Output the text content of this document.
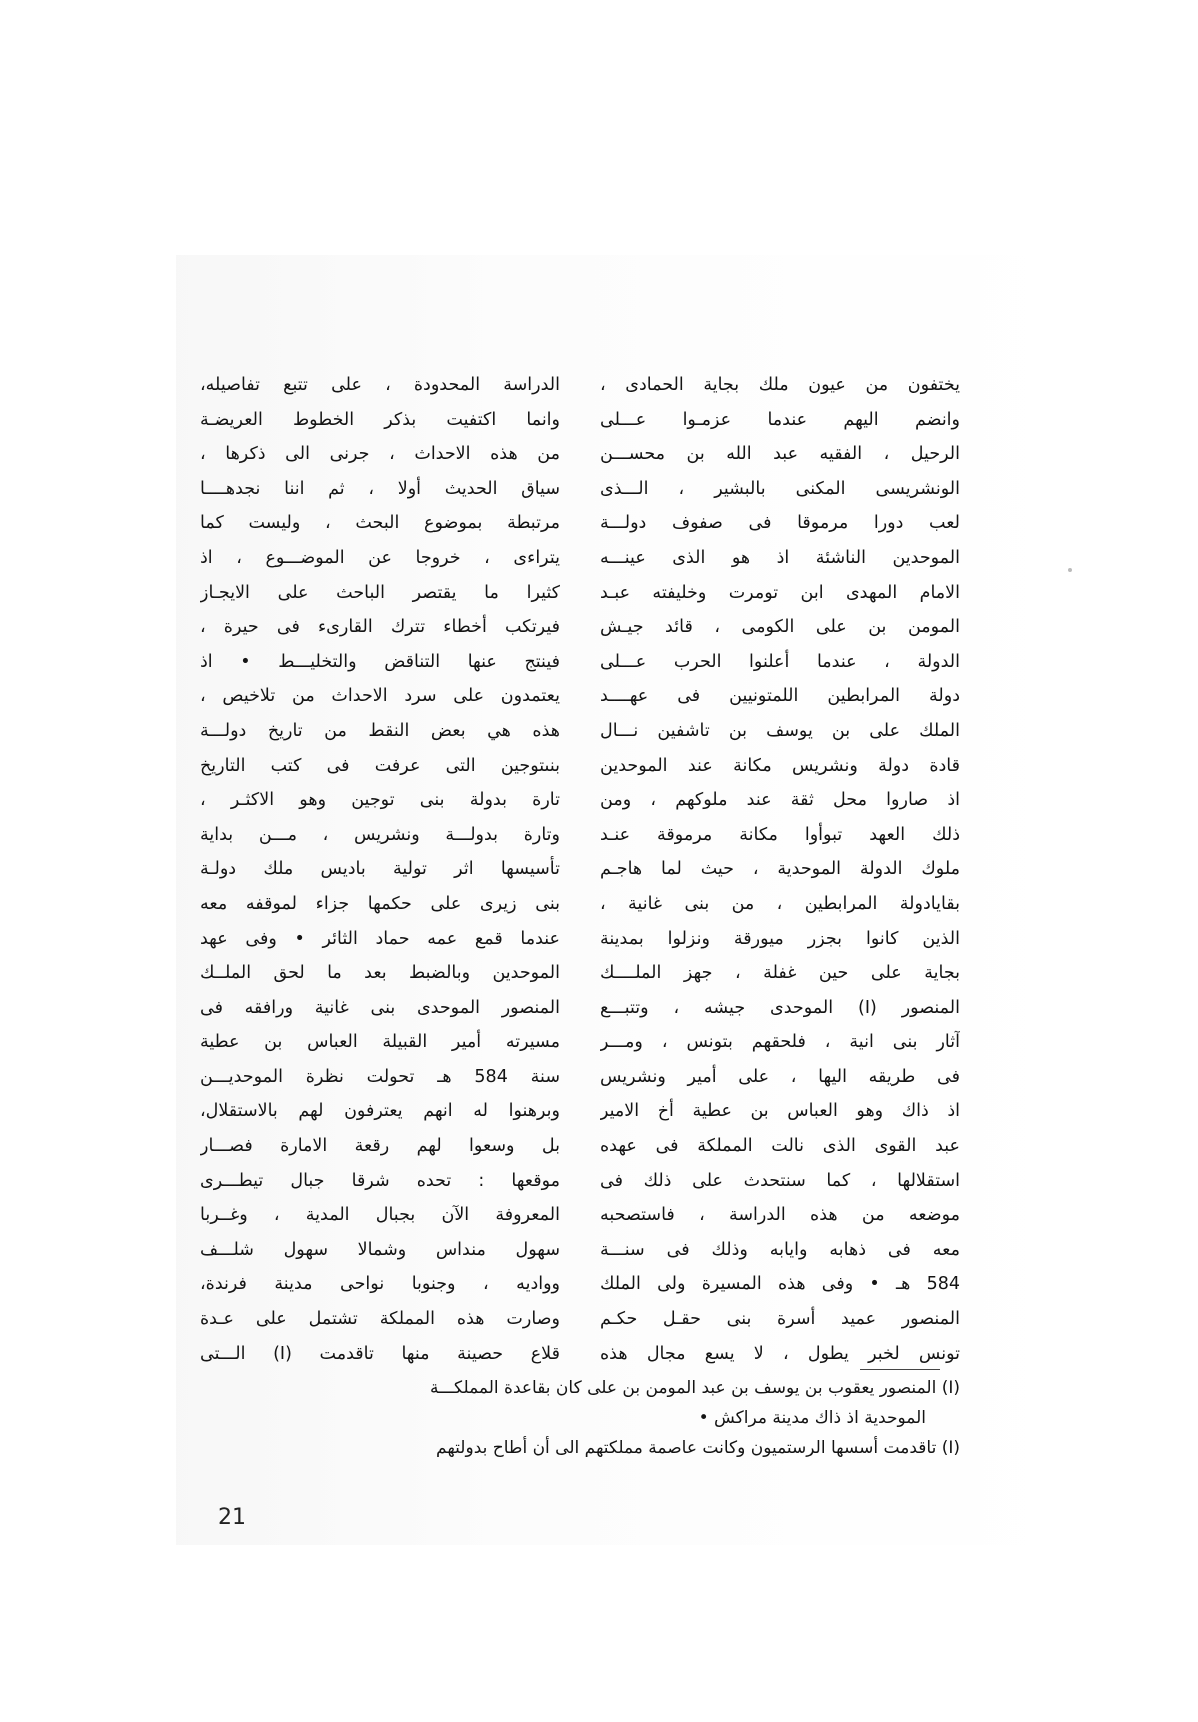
يختفون من عيون ملك بجاية الحمادى ،
وانضم اليهم عندما عزمـوا عـــلى
الرحيل ، الفقيه عبد الله بن محســـن
الونشريسى المكنى بالبشير ، الـــذى
لعب دورا مرموقا فى صفوف دولـــة
الموحدين الناشئة اذ هو الذى عينـــه
الامام المهدى ابن تومرت وخليفته عبـد
المومن بن على الكومى ، قائد جيـش
الدولة ، عندما أعلنوا الحرب عـــلى
دولة المرابطين اللمتونيين فى عهــــد
الملك على بن يوسف بن تاشفين نـــال
قادة دولة ونشريس مكانة عند الموحدين
اذ صاروا محل ثقة عند ملوكهم ، ومن
ذلك العهد تبوأوا مكانة مرموقة عنـد
ملوك الدولة الموحدية ، حيث لما هاجـم
بقايادولة المرابطين ، من بنى غانية ،
الذين كانوا بجزر ميورقة ونزلوا بمدينة
بجاية على حين غفلة ، جهز الملــــك
المنصور (I) الموحدى جيشه ، وتتبـــع
آثار بنى انية ، فلحقهم بتونس ، ومـــر
فى طريقه اليها ، على أمير ونشريس
اذ ذاك وهو العباس بن عطية أخ الامير
عبد القوى الذى نالت المملكة فى عهده
استقلالها ، كما سنتحدث على ذلك فى
موضعه من هذه الدراسة ، فاستصحبه
معه فى ذهابه وايابه وذلك فى سنـــة
584 هـ • وفى هذه المسيرة ولى الملك
المنصور عميد أسرة بنى حقـل حكـم
تونس لخبر يطول ، لا يسع مجال هذه
الدراسة المحدودة ، على تتبع تفاصيله،
وانما اكتفيت بذكر الخطوط العريضـة
من هذه الاحداث ، جرنى الى ذكرها ،
سياق الحديث أولا ، ثم اننا نجدهــــا
مرتبطة بموضوع البحث ، وليست كما
يتراءى ، خروجا عن الموضـــوع ، اذ
كثيرا ما يقتصر الباحث على الايجـاز
فيرتكب أخطاء تترك القارىء فى حيرة ،
فينتج عنها التناقض والتخليـــط • اذ
يعتمدون على سرد الاحداث من تلاخيص ،
هذه هي بعض النقط من تاريخ دولـــة
بنىتوجين التى عرفت فى كتب التاريخ
تارة بدولة بنى توجين وهو الاكثـر ،
وتارة بدولـــة ونشريس ، مـــن بداية
تأسيسها اثر تولية باديس ملك دولـة
بنى زيرى على حكمها جزاء لموقفه معه
عندما قمع عمه حماد الثائر • وفى عهد
الموحدين وبالضبط بعد ما لحق الملــك
المنصور الموحدى بنى غانية ورافقه فى
مسيرته أمير القبيلة العباس بن عطية
سنة 584 هـ تحولت نظرة الموحديـــن
وبرهنوا له انهم يعترفون لهم بالاستقلال،
بل وسعوا لهم رقعة الامارة فصـــار
موقعها : تحده شرقا جبال تيطـــرى
المعروفة الآن بجبال المدية ، وغــربا
سهول منداس وشمالا سهول شلـــف
وواديه ، وجنوبا نواحى مدينة فرندة،
وصارت هذه المملكة تشتمل على عـدة
قلاع حصينة منها تاقدمت (I) الـــتى
(I) المنصور يعقوب بن يوسف بن عبد المومن بن على كان بقاعدة المملكـــة
الموحدية اذ ذاك مدينة مراكش •
(I) تاقدمت أسسها الرستميون وكانت عاصمة مملكتهم الى أن أطاح بدولتهم
21
